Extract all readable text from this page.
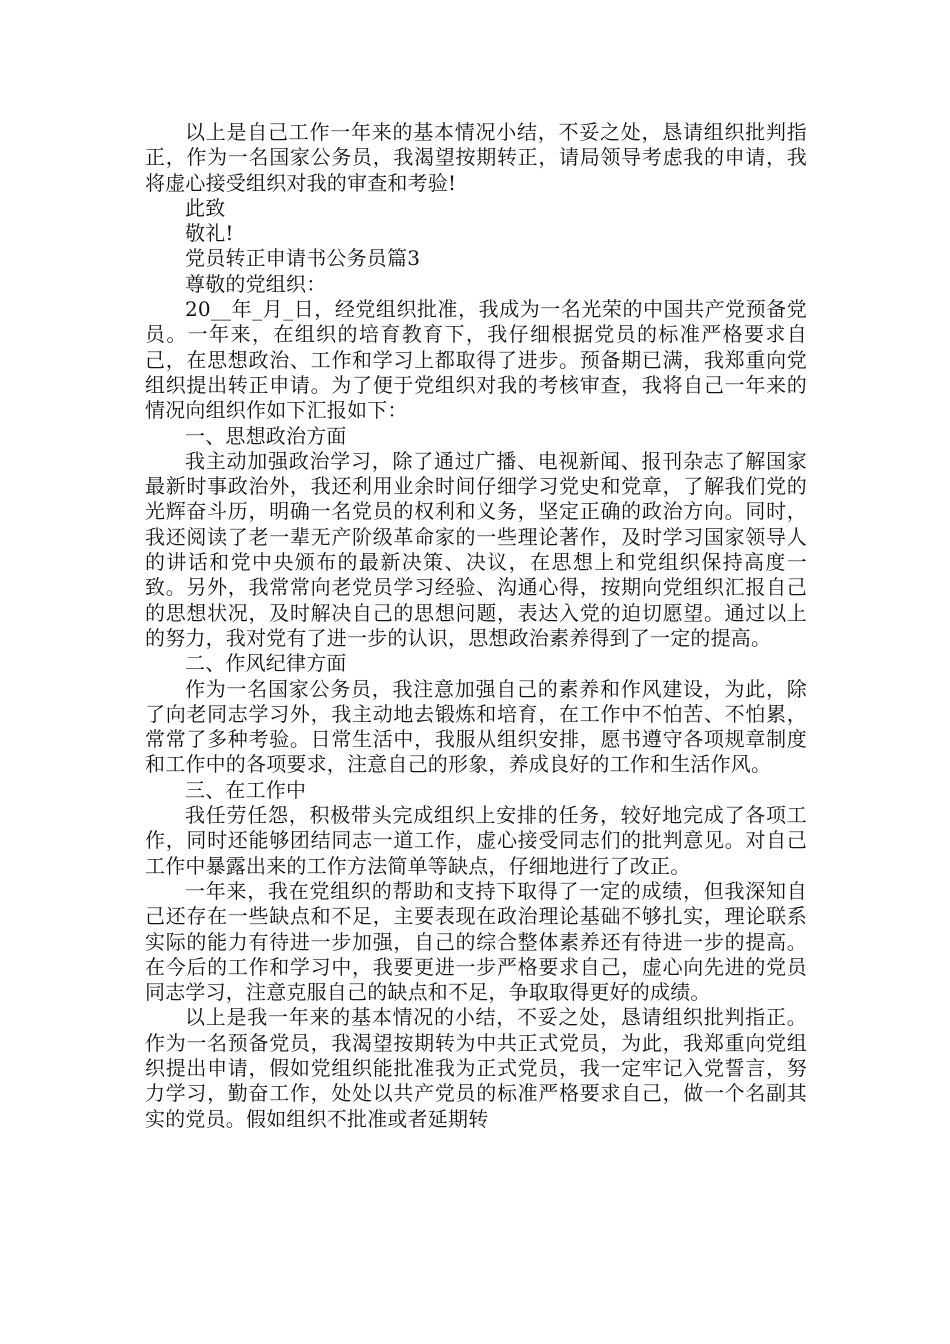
以上是自己工作一年来的基本情况小结，不妥之处，恳请组织批判指正，作为一名国家公务员，我渴望按期转正，请局领导考虑我的申请，我将虚心接受组织对我的审查和考验!

此致

敬礼!

党员转正申请书公务员篇3

尊敬的党组织：

20__年_月_日，经党组织批准，我成为一名光荣的中国共产党预备党员。一年来，在组织的培育教育下，我仔细根据党员的标准严格要求自己，在思想政治、工作和学习上都取得了进步。预备期已满，我郑重向党组织提出转正申请。为了便于党组织对我的考核审查，我将自己一年来的情况向组织作如下汇报如下：

一、思想政治方面

我主动加强政治学习，除了通过广播、电视新闻、报刊杂志了解国家最新时事政治外，我还利用业余时间仔细学习党史和党章，了解我们党的光辉奋斗历，明确一名党员的权利和义务，坚定正确的政治方向。同时，我还阅读了老一辈无产阶级革命家的一些理论著作，及时学习国家领导人的讲话和党中央颁布的最新决策、决议，在思想上和党组织保持高度一致。另外，我常常向老党员学习经验、沟通心得，按期向党组织汇报自己的思想状况，及时解决自己的思想问题，表达入党的迫切愿望。通过以上的努力，我对党有了进一步的认识，思想政治素养得到了一定的提高。

二、作风纪律方面

作为一名国家公务员，我注意加强自己的素养和作风建设，为此，除了向老同志学习外，我主动地去锻炼和培育，在工作中不怕苦、不怕累，常常了多种考验。日常生活中，我服从组织安排，愿书遵守各项规章制度和工作中的各项要求，注意自己的形象，养成良好的工作和生活作风。

三、在工作中

我任劳任怨，积极带头完成组织上安排的任务，较好地完成了各项工作，同时还能够团结同志一道工作，虚心接受同志们的批判意见。对自己工作中暴露出来的工作方法简单等缺点，仔细地进行了改正。

一年来，我在党组织的帮助和支持下取得了一定的成绩，但我深知自己还存在一些缺点和不足，主要表现在政治理论基础不够扎实，理论联系实际的能力有待进一步加强，自己的综合整体素养还有待进一步的提高。在今后的工作和学习中，我要更进一步严格要求自己，虚心向先进的党员同志学习，注意克服自己的缺点和不足，争取取得更好的成绩。

以上是我一年来的基本情况的小结，不妥之处，恳请组织批判指正。作为一名预备党员，我渴望按期转为中共正式党员，为此，我郑重向党组织提出申请，假如党组织能批准我为正式党员，我一定牢记入党誓言，努力学习，勤奋工作，处处以共产党员的标准严格要求自己，做一个名副其实的党员。假如组织不批准或者延期转
